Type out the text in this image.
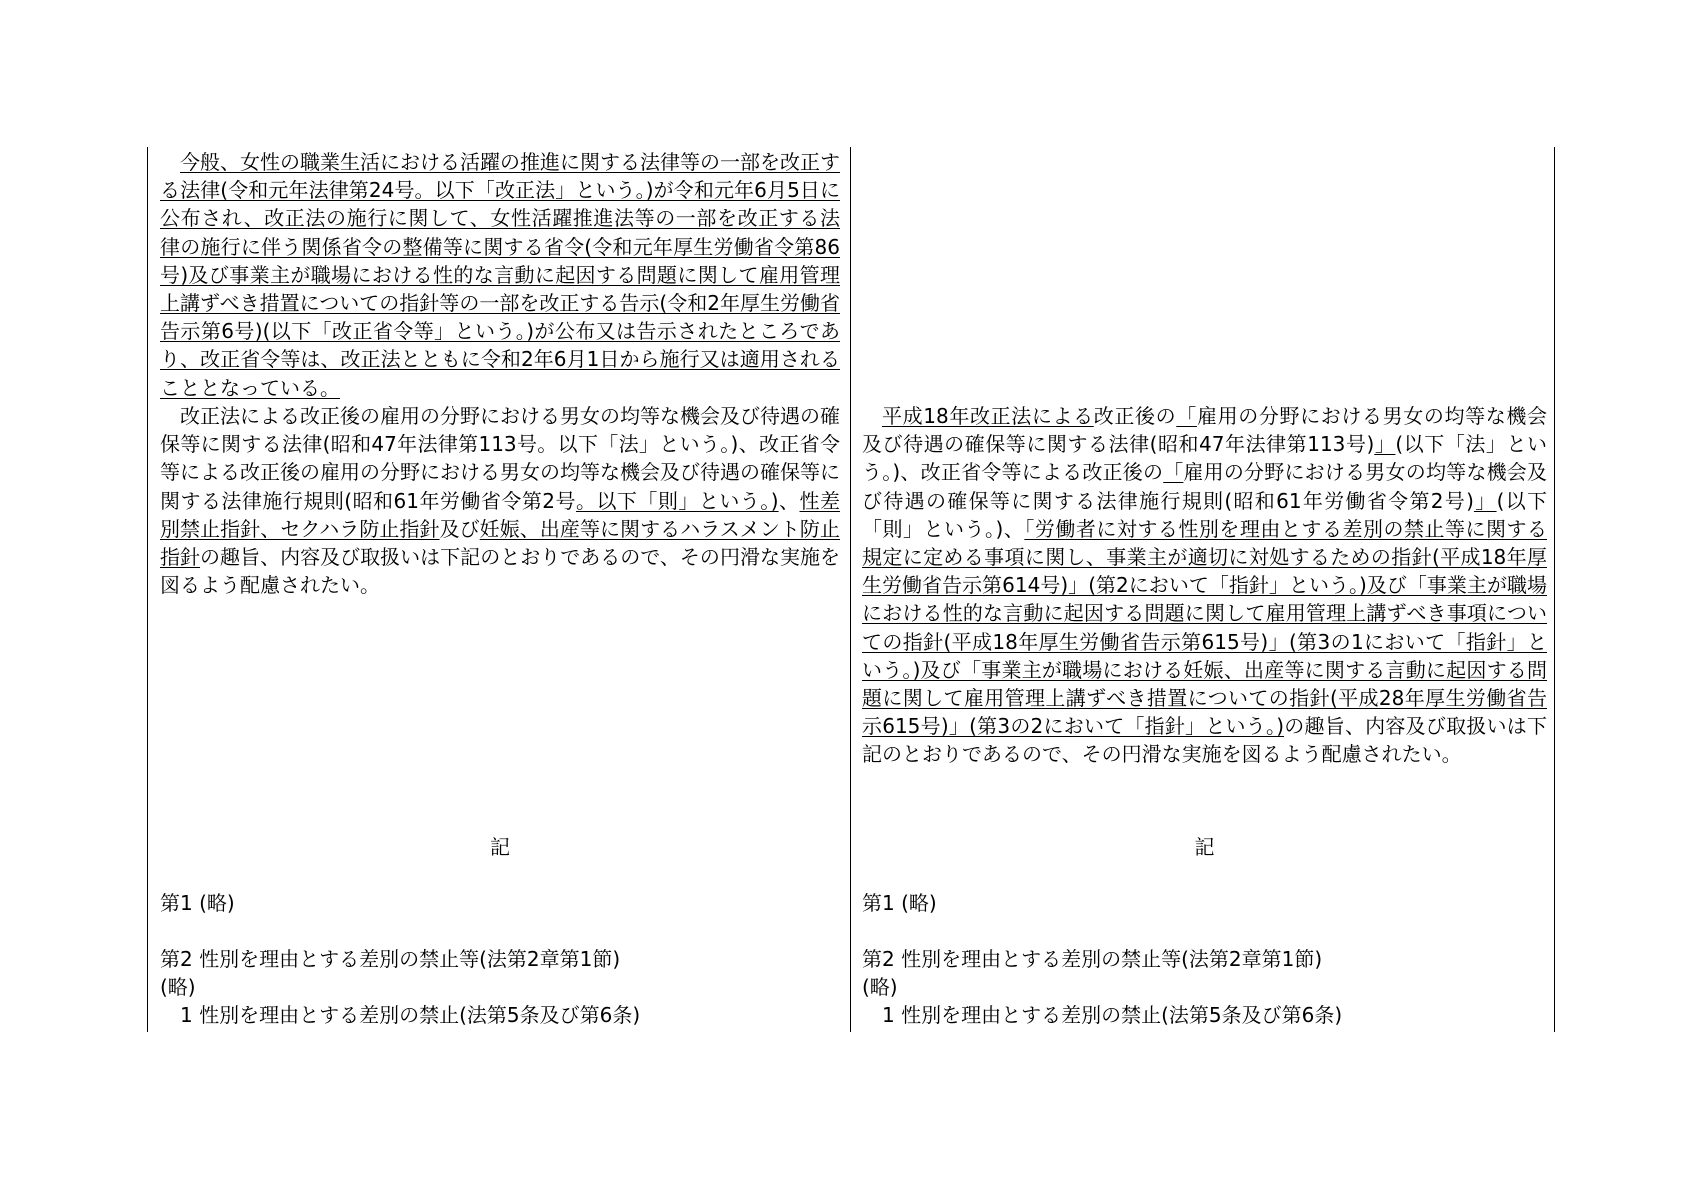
今般、女性の職業生活における活躍の推進に関する法律等の一部を改正する法律(令和元年法律第24号。以下「改正法」という。)が令和元年6月5日に公布され、改正法の施行に関して、女性活躍推進法等の一部を改正する法律の施行に伴う関係省令の整備等に関する省令(令和元年厚生労働省令第86号)及び事業主が職場における性的な言動に起因する問題に関して雇用管理上講ずべき措置についての指針等の一部を改正する告示(令和2年厚生労働省告示第6号)(以下「改正省令等」という。)が公布又は告示されたところであり、改正省令等は、改正法とともに令和2年6月1日から施行又は適用されることとなっている。

改正法による改正後の雇用の分野における男女の均等な機会及び待遇の確保等に関する法律(昭和47年法律第113号。以下「法」という。)、改正省令等による改正後の雇用の分野における男女の均等な機会及び待遇の確保等に関する法律施行規則(昭和61年労働省令第2号。以下「則」という。)、性差別禁止指針、セクハラ防止指針及び妊娠、出産等に関するハラスメント防止指針の趣旨、内容及び取扱いは下記のとおりであるので、その円滑な実施を図るよう配慮されたい。

記
第1 (略)
第2 性別を理由とする差別の禁止等(法第2章第1節)
(略)
1 性別を理由とする差別の禁止(法第5条及び第6条)

平成18年改正法による改正後の「雇用の分野における男女の均等な機会及び待遇の確保等に関する法律(昭和47年法律第113号)」(以下「法」という。)、改正省令等による改正後の「雇用の分野における男女の均等な機会及び待遇の確保等に関する法律施行規則(昭和61年労働省令第2号)」(以下「則」という。)、「労働者に対する性別を理由とする差別の禁止等に関する規定に定める事項に関し、事業主が適切に対処するための指針(平成18年厚生労働省告示第614号)」(第2において「指針」という。)及び「事業主が職場における性的な言動に起因する問題に関して雇用管理上講ずべき事項についての指針(平成18年厚生労働省告示第615号)」(第3の1において「指針」という。)及び「事業主が職場における妊娠、出産等に関する言動に起因する問題に関して雇用管理上講ずべき措置についての指針(平成28年厚生労働省告示615号)」(第3の2において「指針」という。)の趣旨、内容及び取扱いは下記のとおりであるので、その円滑な実施を図るよう配慮されたい。

記
第1 (略)
第2 性別を理由とする差別の禁止等(法第2章第1節)
(略)
1 性別を理由とする差別の禁止(法第5条及び第6条)
